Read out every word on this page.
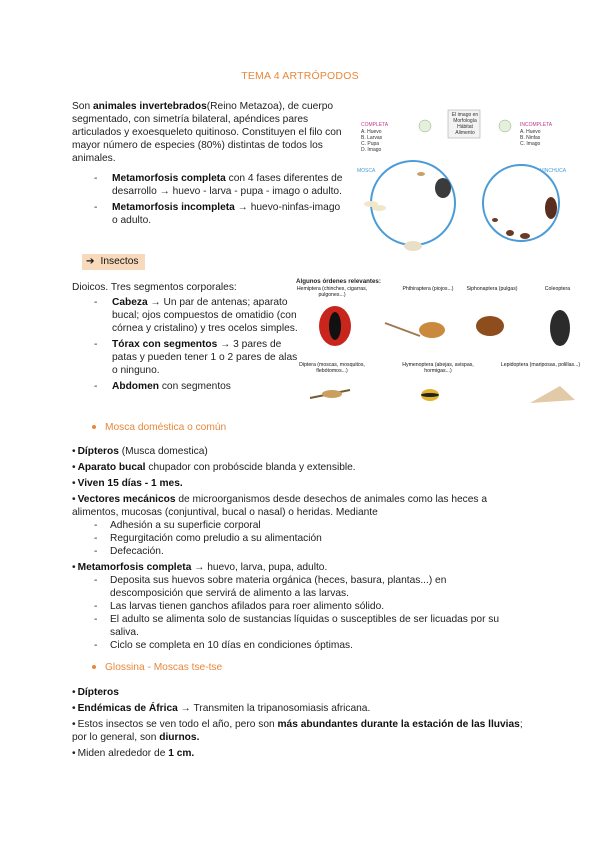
TEMA 4 ARTRÓPODOS
Son animales invertebrados(Reino Metazoa), de cuerpo segmentado, con simetría bilateral, apéndices pares articulados y exoesqueleto quitinoso. Constituyen el filo con mayor número de especies (80%) distintas de todos los animales.
- Metamorfosis completa con 4 fases diferentes de desarrollo → huevo - larva - pupa - imago o adulto.
- Metamorfosis incompleta → huevo-ninfas-imago o adulto.
➔ Insectos
Dioicos. Tres segmentos corporales:
- Cabeza → Un par de antenas; aparato bucal; ojos compuestos de omatidio (con córnea y cristalino) y tres ocelos simples.
- Tórax con segmentos → 3 pares de patas y pueden tener 1 o 2 pares de alas o ninguno.
- Abdomen con segmentos
COMPLETA
A. Huevo
B. Larvas
C. Pupa
D. Imago
El imago en
Morfología
Hábitat
Alimento
INCOMPLETA
A. Huevo
B. Ninfas
C. Imago
MOSCA	VINCHUCA
Algunos órdenes relevantes:
Hemiptera (chinches, cigarras, pulgones...)
Phthiraptera (piojos...)	Siphonaptera (pulgas)	Coleoptera
Diptera (moscas, mosquitos, flebótomos...)
Hymenoptera (abejas, avispas, hormigas...)
Lepidoptera (mariposas, polillas...)
Mosca doméstica o común
• Dípteros (Musca domestica)
• Aparato bucal chupador con probóscide blanda y extensible.
• Viven 15 días - 1 mes.
• Vectores mecánicos de microorganismos desde desechos de animales como las heces a alimentos, mucosas (conjuntival, bucal o nasal) o heridas. Mediante
- Adhesión a su superficie corporal
- Regurgitación como preludio a su alimentación
- Defecación.
• Metamorfosis completa → huevo, larva, pupa, adulto.
- Deposita sus huevos sobre materia orgánica (heces, basura, plantas...) en descomposición que servirá de alimento a las larvas.
- Las larvas tienen ganchos afilados para roer alimento sólido.
- El adulto se alimenta solo de sustancias líquidas o susceptibles de ser licuadas por su saliva.
- Ciclo se completa en 10 días en condiciones óptimas.
Glossina - Moscas tse-tse
• Dípteros
• Endémicas de África → Transmiten la tripanosomiasis africana.
• Estos insectos se ven todo el año, pero son más abundantes durante la estación de las lluvias; por lo general, son diurnos.
• Miden alrededor de 1 cm.
